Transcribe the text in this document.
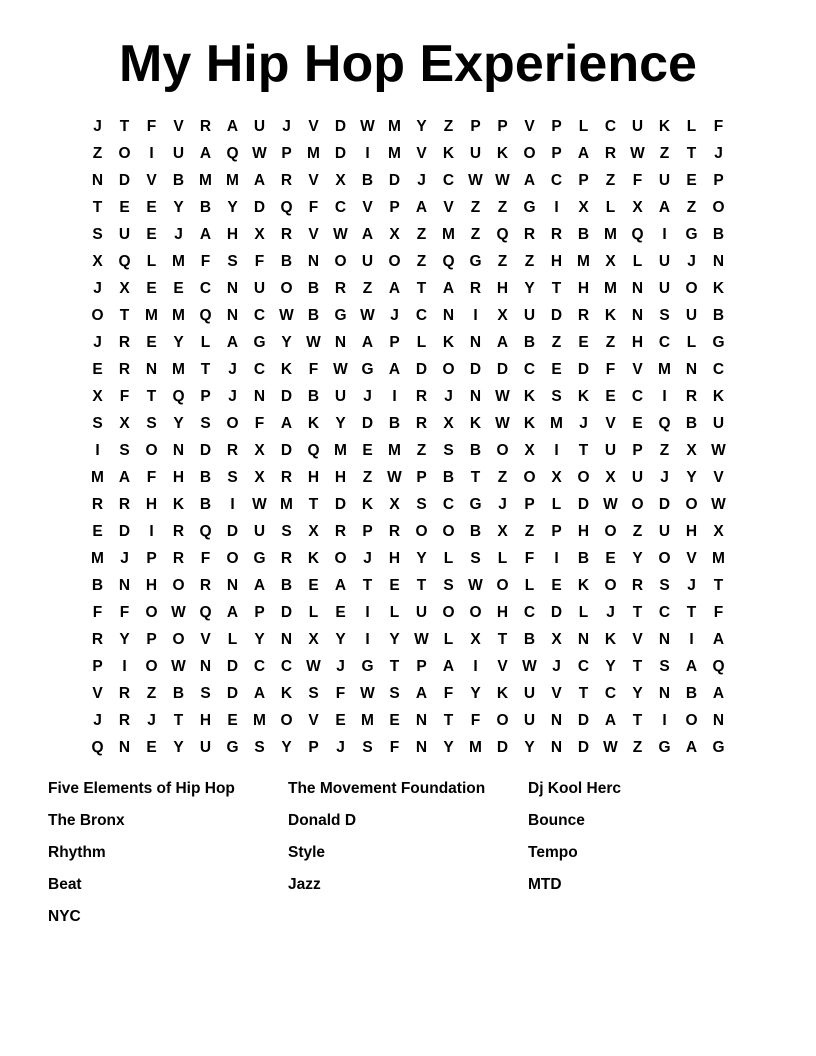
My Hip Hop Experience
J	T	F	V	R	A	U	J	V	D W M Y	Z	P	P	V	P	L	C	U	K	L	F
Z	O	I	U	A Q W P M D	I	M V	K	U	K O	P	A	R W Z	T	J
N	D	V	B M M A	R	V	X	B	D	J	C W W A	C	P	Z	F	U	E	P
T	E	E	Y	B	Y	D Q	F	C	V	P	A	V	Z	Z	G	I	X	L	X	A	Z	O
S	U	E	J	A	H	X	R	V W A	X	Z	M	Z	Q R	R	B M Q	I	G B
X	Q	L	M	F	S	F	B	N O U O	Z	Q G	Z	Z	H M X	L	U	J	N
J	X	E	E	C	N	U O B	R	Z	A	T	A	R	H	Y	T	H M N	U O K
O	T	M M Q N	C W B G W J	C	N	I	X	U	D	R	K	N	S	U	B
J	R	E	Y	L	A G	Y W N	A	P	L	K	N	A	B	Z	E	Z	H	C	L	G
E	R	N M	T	J	C	K	F W G A	D O D	D	C	E	D	F	V M N	C
X	F	T	Q	P	J	N	D	B	U	J	I	R	J	N W K	S	K	E	C	I	R	K
S	X	S	Y	S	O	F	A	K	Y	D	B	R	X	K W K M	J	V	E	Q B	U
I	S	O N	D	R	X	D Q M E M	Z	S	B O	X	I	T	U	P	Z	X W
M A	F	H	B	S	X	R	H	H	Z W P	B	T	Z	O	X	O	X	U	J	Y	V
R	R	H	K	B	I	W M	T	D	K	X	S	C G	J	P	L	D W O D O W
E	D	I	R Q D	U	S	X	R	P	R O O B	X	Z	P	H O	Z	U	H	X
M	J	P	R	F	O G R	K O	J	H	Y	L	S	L	F	I	B	E	Y	O	V M
B	N	H O R	N	A	B	E	A	T	E	T	S W O	L	E	K O R	S	J	T
F	F	O W Q A	P	D	L	E	I	L	U O O H	C	D	L	J	T	C	T	F
R	Y	P	O	V	L	Y	N	X	Y	I	Y W L	X	T	B	X	N	K	V	N	I	A
P	I	O W N	D	C	C W J	G	T	P	A	I	V W J	C	Y	T	S	A Q
V	R	Z	B	S	D	A	K	S	F W S	A	F	Y	K	U	V	T	C	Y	N	B	A
J	R	J	T	H	E M O	V	E M E	N	T	F	O U	N	D	A	T	I	O N
Q N	E	Y	U G	S	Y	P	J	S	F	N	Y M D	Y	N	D W Z	G A G
Five Elements of Hip Hop	The Movement Foundation	Dj Kool Herc
The Bronx	Donald D	Bounce
Rhythm	Style	Tempo
Beat	Jazz	MTD
NYC
